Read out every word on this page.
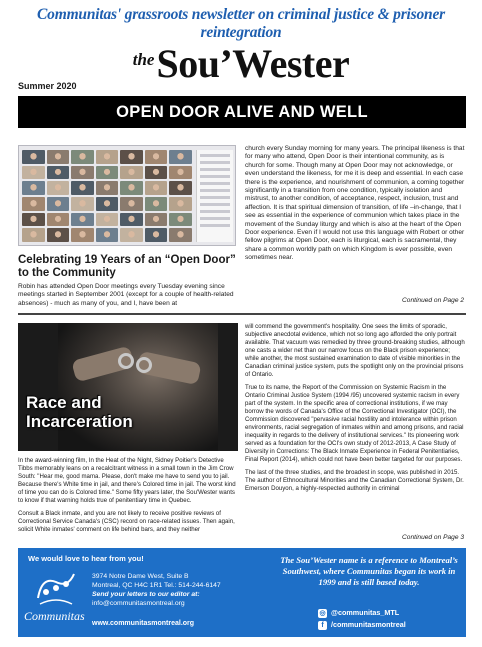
Communitas' grassroots newsletter on criminal justice & prisoner reintegration
theSou’Wester
Summer 2020
OPEN DOOR ALIVE AND WELL
Celebrating 19 Years of an “Open Door” to the Community
Robin has attended Open Door meetings every Tuesday evening since meetings started in September 2001 (except for a couple of health-related absences) - much as many of you, and I, have been at
church every Sunday morning for many years. The principal likeness is that for many who attend, Open Door is their intentional community, as is church for some. Though many at Open Door may not acknowledge, or even understand the likeness, for me it is deep and essential. In each case there is the experience, and nourishment of communion, a coming together significantly in a transition from one condition, typically isolation and mistrust, to another condition, of acceptance, respect, inclusion, trust and affection. It is that spiritual dimension of transition, of life –in-change, that I see as essential in the experience of communion which takes place in the movement of the Sunday liturgy and which is also at the heart of the Open Door experience. Even if I would not use this language with Robert or other fellow pilgrims at Open Door, each is liturgical, each is sacramental, they share a common worldly path on which Kingdom is ever possible, even sometimes near.
Continued on Page 2
Race and
Incarceration

In the award-winning film, In the Heat of the Night, Sidney Poitier's Detective Tibbs memorably leans on a recalcitrant witness in a small town in the Jim Crow South: "Hear me, good mama. Please, don't make me have to send you to jail. Because there's White time in jail, and there's Colored time in jail. The worst kind of time you can do is Colored time." Some fifty years later, the Sou'Wester wants to know if that warning holds true of penitentiary time in Quebec.

Consult a Black inmate, and you are not likely to receive positive reviews of Correctional Service Canada's (CSC) record on race-related issues. Then again, solicit White inmates' comment on life behind bars, and they neither

will commend the government's hospitality. One sees the limits of sporadic, subjective anecdotal evidence, which not so long ago afforded the only portrait available. That vacuum was remedied by three ground-breaking studies, although one casts a wider net than our narrow focus on the Black prison experience; while another, the most sustained examination to date of visible minorities in the Canadian criminal justice system, puts the spotlight only on the provincial prisons of Ontario.

True to its name, the Report of the Commission on Systemic Racism in the Ontario Criminal Justice System (1994 /95) uncovered systemic racism in every part of the system. In the specific area of correctional institutions, if we may borrow the words of Canada's Office of the Correctional Investigator (OCI), the Commission discovered "pervasive racial hostility and intolerance within prison environments, racial segregation of inmates within and among prisons, and racial inequality in regards to the delivery of institutional services." Its pioneering work served as a foundation for the OCI's own study of 2012-2013, A Case Study of Diversity in Corrections: The Black Inmate Experience in Federal Penitentiaries, Final Report (2014), which could not have been better targeted for our purposes.

The last of the three studies, and the broadest in scope, was published in 2015. The author of Ethnocultural Minorities and the Canadian Correctional System, Dr. Emerson Douyon, a highly-respected authority in criminal

Continued on Page 3
We would love to hear from you!
Communitas
3974 Notre Dame West, Suite B
Montreal, QC H4C 1R1 Tel.: 514-244-6147
Send your letters to our editor at:
info@communitasmontreal.org
www.communitasmontreal.org
The Sou’Wester name is a reference to Montreal’s Southwest, where Communitas began its work in 1999 and is still based today.
◎ @communitas_MTL
f /communitasmontreal
